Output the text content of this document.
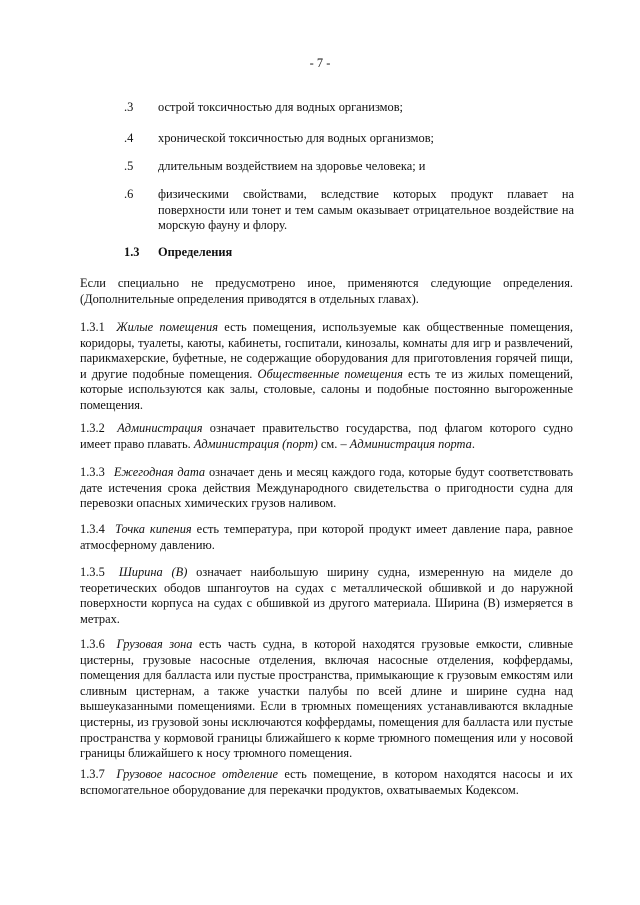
- 7 -
.3	острой токсичностью для водных организмов;
.4	хронической токсичностью для водных организмов;
.5	длительным воздействием на здоровье человека; и
.6	физическими свойствами, вследствие которых продукт плавает на поверхности или тонет и тем самым оказывает отрицательное воздействие на морскую фауну и флору.
1.3 Определения
Если специально не предусмотрено иное, применяются следующие определения. (Дополнительные определения приводятся в отдельных главах).
1.3.1 Жилые помещения есть помещения, используемые как общественные помещения, коридоры, туалеты, каюты, кабинеты, госпитали, кинозалы, комнаты для игр и развлечений, парикмахерские, буфетные, не содержащие оборудования для приготовления горячей пищи, и другие подобные помещения. Общественные помещения есть те из жилых помещений, которые используются как залы, столовые, салоны и подобные постоянно выгороженные помещения.
1.3.2 Администрация означает правительство государства, под флагом которого судно имеет право плавать. Администрация (порт) см. – Администрация порта.
1.3.3 Ежегодная дата означает день и месяц каждого года, которые будут соответствовать дате истечения срока действия Международного свидетельства о пригодности судна для перевозки опасных химических грузов наливом.
1.3.4 Точка кипения есть температура, при которой продукт имеет давление пара, равное атмосферному давлению.
1.3.5 Ширина (B) означает наибольшую ширину судна, измеренную на миделе до теоретических ободов шпангоутов на судах с металлической обшивкой и до наружной поверхности корпуса на судах с обшивкой из другого материала. Ширина (B) измеряется в метрах.
1.3.6 Грузовая зона есть часть судна, в которой находятся грузовые емкости, сливные цистерны, грузовые насосные отделения, включая насосные отделения, коффердамы, помещения для балласта или пустые пространства, примыкающие к грузовым емкостям или сливным цистернам, а также участки палубы по всей длине и ширине судна над вышеуказанными помещениями. Если в трюмных помещениях устанавливаются вкладные цистерны, из грузовой зоны исключаются коффердамы, помещения для балласта или пустые пространства у кормовой границы ближайшего к корме трюмного помещения или у носовой границы ближайшего к носу трюмного помещения.
1.3.7 Грузовое насосное отделение есть помещение, в котором находятся насосы и их вспомогательное оборудование для перекачки продуктов, охватываемых Кодексом.
